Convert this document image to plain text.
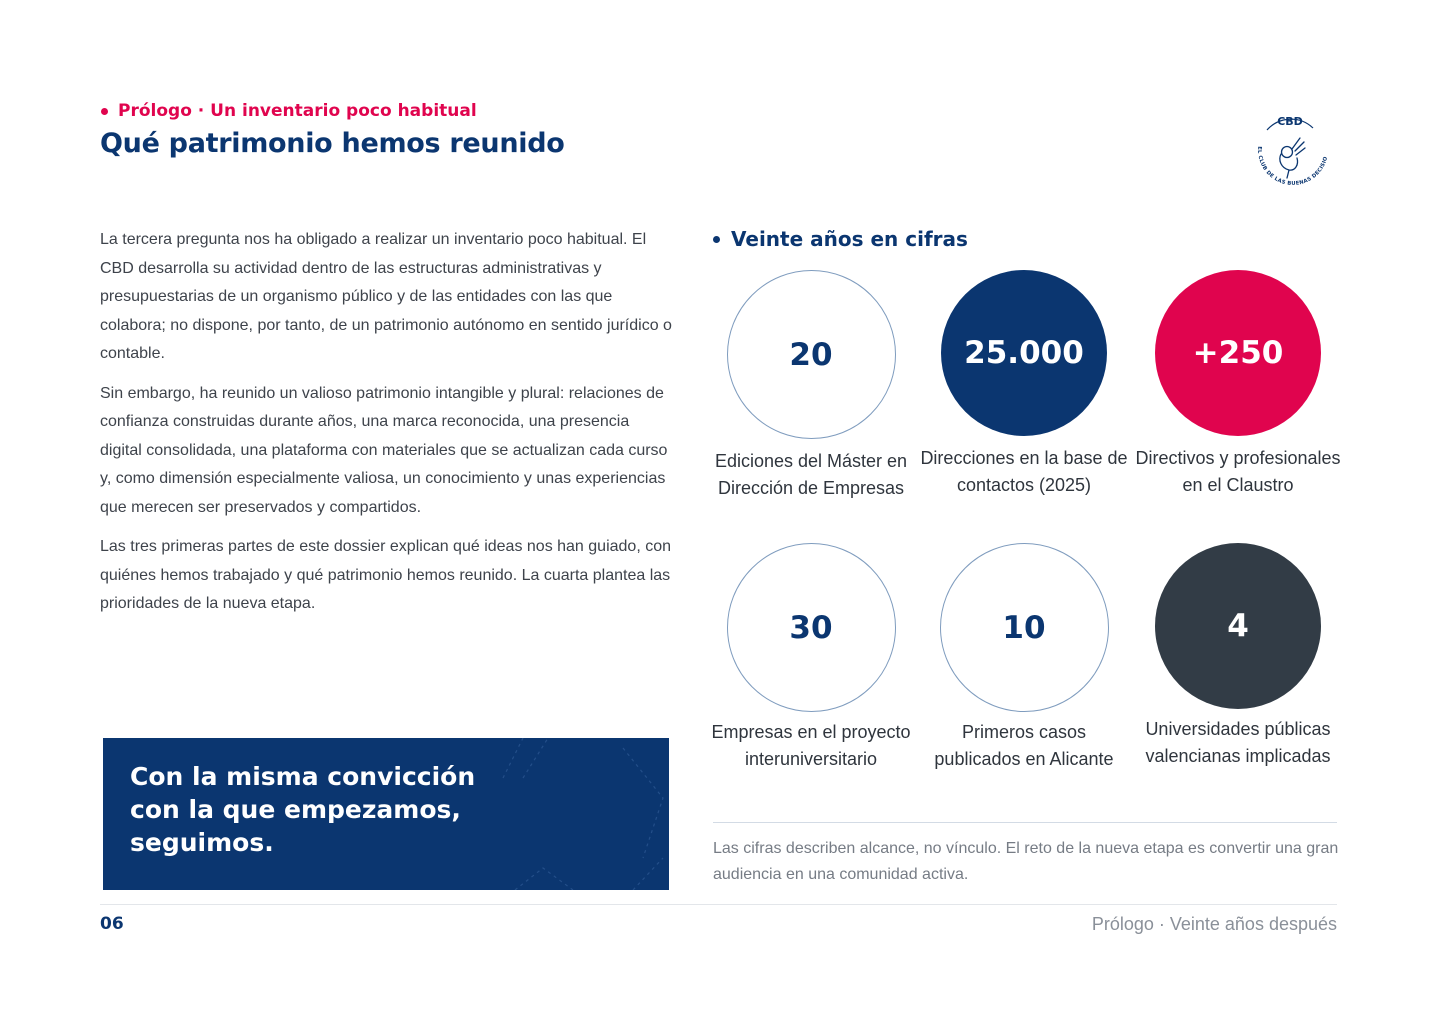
Prólogo · Un inventario poco habitual
Qué patrimonio hemos reunido
CBD
EL CLUB DE LAS BUENAS DECISIO

La tercera pregunta nos ha obligado a realizar un inventario poco habitual. El CBD desarrolla su actividad dentro de las estructuras administrativas y presupuestarias de un organismo público y de las entidades con las que colabora; no dispone, por tanto, de un patrimonio autónomo en sentido jurídico o contable.

Sin embargo, ha reunido un valioso patrimonio intangible y plural: relaciones de confianza construidas durante años, una marca reconocida, una presencia digital consolidada, una plataforma con materiales que se actualizan cada curso y, como dimensión especialmente valiosa, un conocimiento y unas experiencias que merecen ser preservados y compartidos.

Las tres primeras partes de este dossier explican qué ideas nos han guiado, con quiénes hemos trabajado y qué patrimonio hemos reunido. La cuarta plantea las prioridades de la nueva etapa.

Con la misma convicción con la que empezamos, seguimos.
Veinte años en cifras
20
Ediciones del Máster en Dirección de Empresas
25.000
Direcciones en la base de contactos (2025)
+250
Directivos y profesionales en el Claustro
30
Empresas en el proyecto interuniversitario
10
Primeros casos publicados en Alicante
4
Universidades públicas valencianas implicadas
Las cifras describen alcance, no vínculo. El reto de la nueva etapa es convertir una gran audiencia en una comunidad activa.
06	Prólogo · Veinte años después
